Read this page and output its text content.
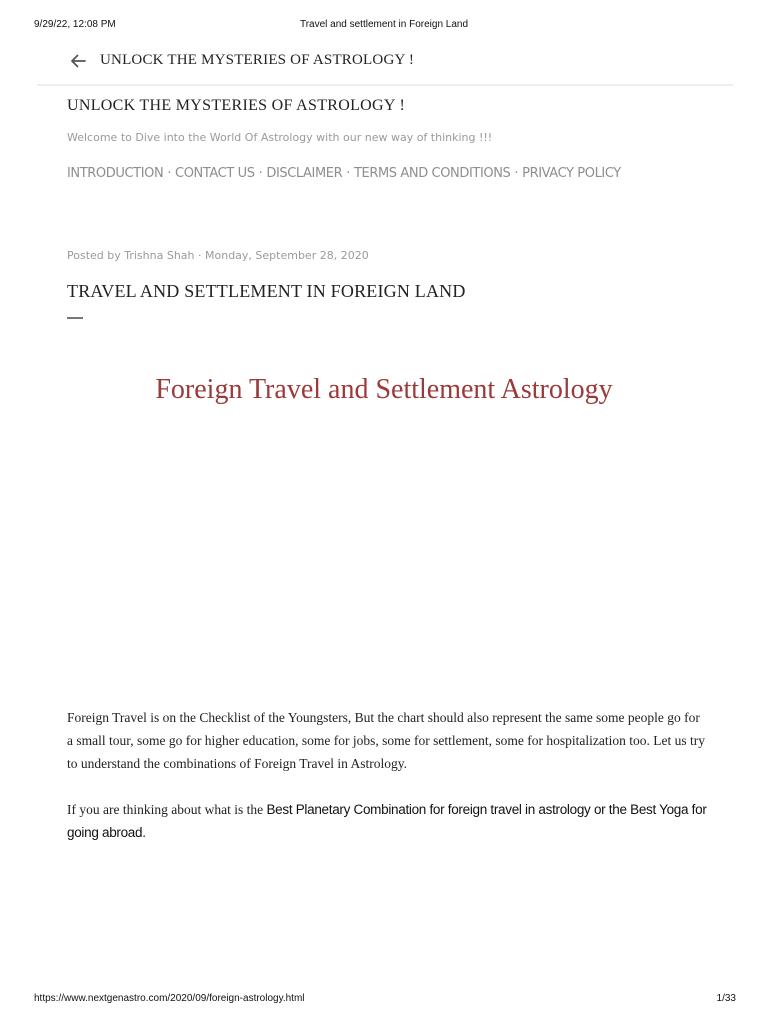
9/29/22, 12:08 PM	Travel and settlement in Foreign Land
UNLOCK THE MYSTERIES OF ASTROLOGY !
UNLOCK THE MYSTERIES OF ASTROLOGY !
Welcome to Dive into the World Of Astrology with our new way of thinking !!!
INTRODUCTION · CONTACT US · DISCLAIMER · TERMS AND CONDITIONS · PRIVACY POLICY
Posted by Trishna Shah · Monday, September 28, 2020
TRAVEL AND SETTLEMENT IN FOREIGN LAND
Foreign Travel and Settlement Astrology

Foreign Travel is on the Checklist of the Youngsters, But the chart should also represent the same some people go for a small tour, some go for higher education, some for jobs, some for settlement, some for hospitalization too. Let us try to understand the combinations of Foreign Travel in Astrology.

If you are thinking about what is the Best Planetary Combination for foreign travel in astrology or the Best Yoga for going abroad.

https://www.nextgenastro.com/2020/09/foreign-astrology.html	1/33
